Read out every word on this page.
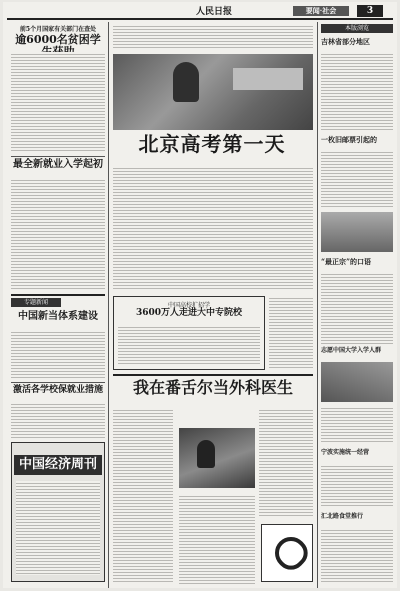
人民日报	要闻·社会	3
前5个月国家有关部门在查处
逾6000名贫困学
最全新就业入学起初
专题新闻
中国新当体系建设
激活各学校保就业措施
中国经济周刊
北京高考第一天
中国高校扩招学
3600万人走进大中专院校
我在番舌尔当外科医生
本版浏览
吉林省部分地区
一枚旧邮票引起的
“最正宗”的口语
志愿中国大学入学人群
宁波实施统一经营
汇北路食堂推行
